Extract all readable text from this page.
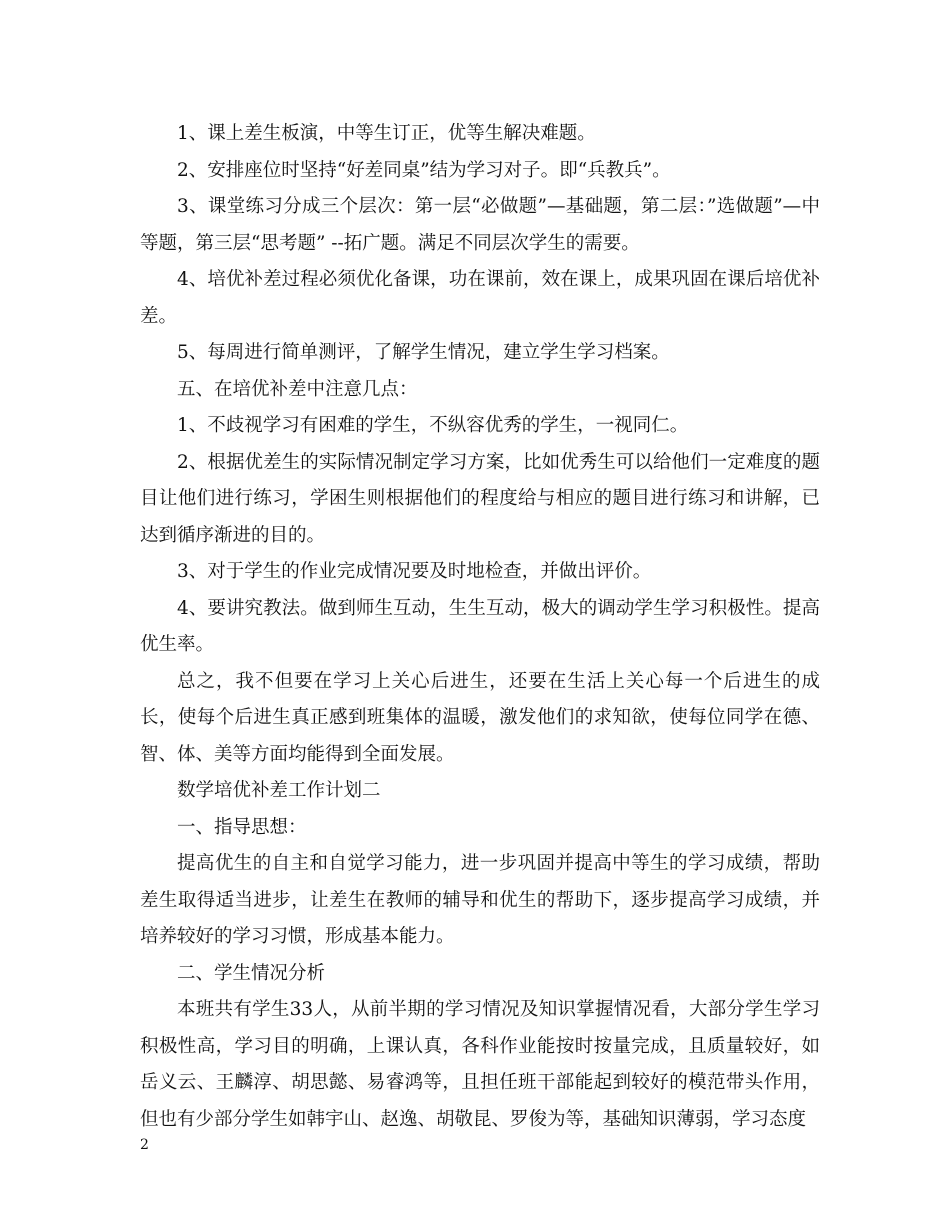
1、课上差生板演，中等生订正，优等生解决难题。

2、安排座位时坚持“好差同桌”结为学习对子。即“兵教兵”。

3、课堂练习分成三个层次：第一层“必做题”—基础题，第二层：”选做题”—中等题，第三层“思考题” --拓广题。满足不同层次学生的需要。

4、培优补差过程必须优化备课，功在课前，效在课上，成果巩固在课后培优补差。

5、每周进行简单测评，了解学生情况，建立学生学习档案。

五、在培优补差中注意几点：

1、不歧视学习有困难的学生，不纵容优秀的学生，一视同仁。

2、根据优差生的实际情况制定学习方案，比如优秀生可以给他们一定难度的题目让他们进行练习，学困生则根据他们的程度给与相应的题目进行练习和讲解，已达到循序渐进的目的。

3、对于学生的作业完成情况要及时地检查，并做出评价。

4、要讲究教法。做到师生互动，生生互动，极大的调动学生学习积极性。提高优生率。

总之，我不但要在学习上关心后进生，还要在生活上关心每一个后进生的成长，使每个后进生真正感到班集体的温暖，激发他们的求知欲，使每位同学在德、智、体、美等方面均能得到全面发展。

数学培优补差工作计划二

一、指导思想：

提高优生的自主和自觉学习能力，进一步巩固并提高中等生的学习成绩，帮助差生取得适当进步，让差生在教师的辅导和优生的帮助下，逐步提高学习成绩，并培养较好的学习习惯，形成基本能力。

二、学生情况分析

本班共有学生33人，从前半期的学习情况及知识掌握情况看，大部分学生学习积极性高，学习目的明确，上课认真，各科作业能按时按量完成，且质量较好，如岳义云、王麟淳、胡思懿、易睿鸿等，且担任班干部能起到较好的模范带头作用，但也有少部分学生如韩宇山、赵逸、胡敬昆、罗俊为等，基础知识薄弱，学习态度

2
